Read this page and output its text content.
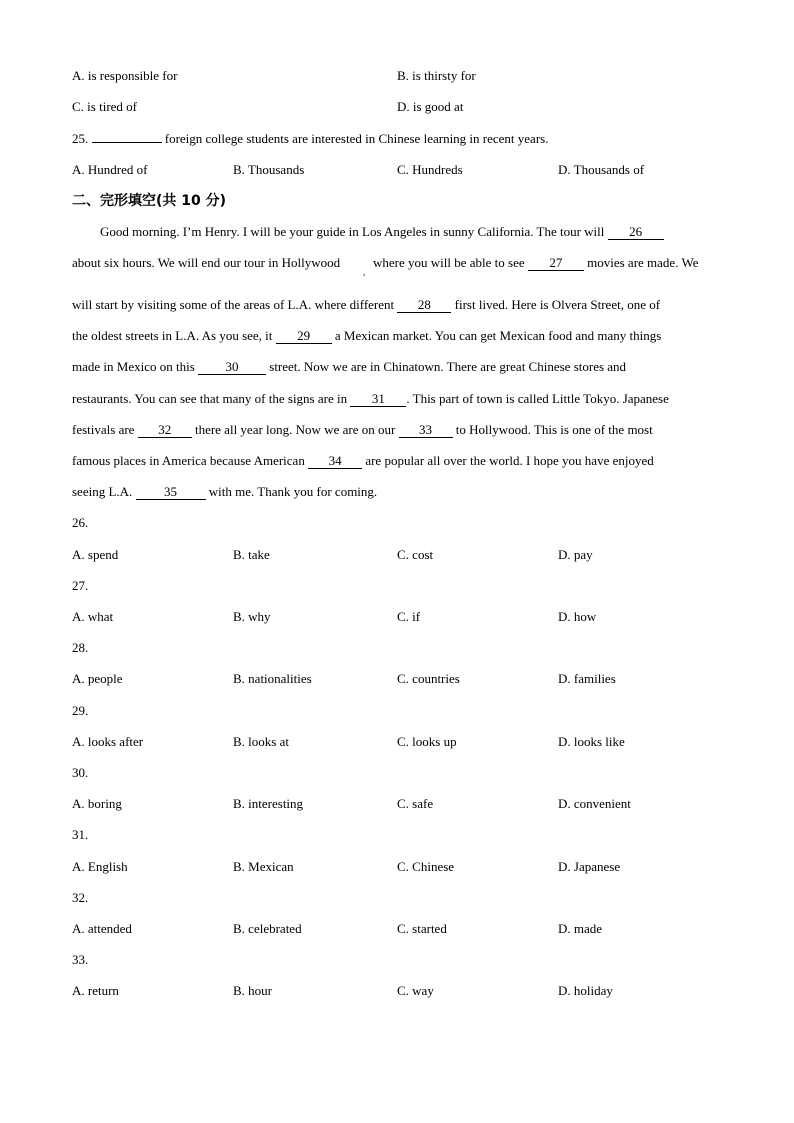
A. is responsible for	B. is thirsty for
C. is tired of	D. is good at
25.	foreign college students are interested in Chinese learning in recent years.
A. Hundred of	B. Thousands	C. Hundreds	D. Thousands of
二、完形填空(共 10 分)
Good morning. I’m Henry. I will be your guide in Los Angeles in sunny California. The tour will 26
about six hours. We will end our tour in Hollywood
,
where you will be able to see 27 movies are made. We
will start by visiting some of the areas of L.A. where different 28 first lived. Here is Olvera Street, one of
the oldest streets in L.A. As you see, it 29 a Mexican market. You can get Mexican food and many things
made in Mexico on this 30 street. Now we are in Chinatown. There are great Chinese stores and
restaurants. You can see that many of the signs are in 31 . This part of town is called Little Tokyo. Japanese
festivals are 32 there all year long. Now we are on our 33 to Hollywood. This is one of the most
famous places in America because American 34 are popular all over the world. I hope you have enjoyed
seeing L.A. 35 with me. Thank you for coming.
26.
A. spend	B. take	C. cost	D. pay
27.
A. what	B. why	C. if	D. how
28.
A. people	B. nationalities	C. countries	D. families
29.
A. looks after	B. looks at	C. looks up	D. looks like
30.
A. boring	B. interesting	C. safe	D. convenient
31.
A. English	B. Mexican	C. Chinese	D. Japanese
32.
A. attended	B. celebrated	C. started	D. made
33.
A. return	B. hour	C. way	D. holiday
